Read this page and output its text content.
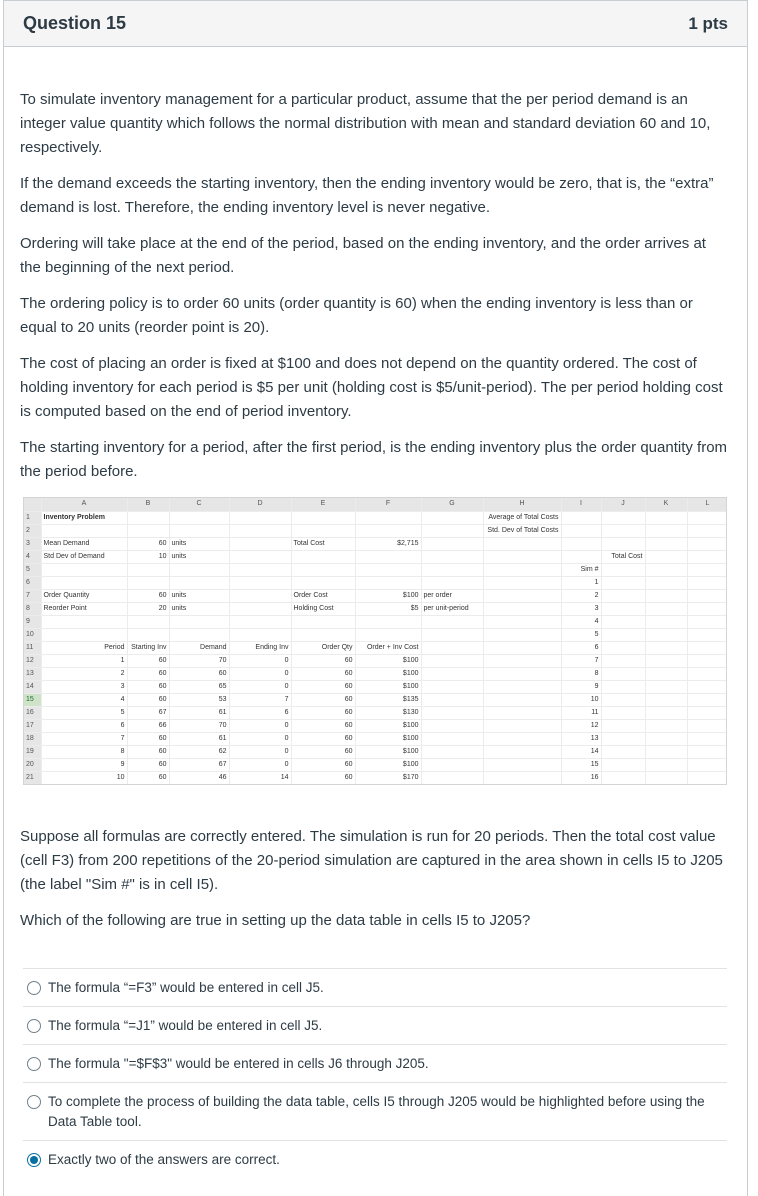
Question 15	1 pts

To simulate inventory management for a particular product, assume that the per period demand is an integer value quantity which follows the normal distribution with mean and standard deviation 60 and 10, respectively.

If the demand exceeds the starting inventory, then the ending inventory would be zero, that is, the “extra” demand is lost. Therefore, the ending inventory level is never negative.

Ordering will take place at the end of the period, based on the ending inventory, and the order arrives at the beginning of the next period.

The ordering policy is to order 60 units (order quantity is 60) when the ending inventory is less than or equal to 20 units (reorder point is 20).

The cost of placing an order is fixed at $100 and does not depend on the quantity ordered. The cost of holding inventory for each period is $5 per unit (holding cost is $5/unit-period). The per period holding cost is computed based on the end of period inventory.

The starting inventory for a period, after the first period, is the ending inventory plus the order quantity from the period before.

	A	B	C	D	E	F	G	H	I	J	K	L
1	Inventory Problem							Average of Total Costs				
2								Std. Dev of Total Costs				
3	Mean Demand	60	units		Total Cost	$2,715						
4	Std Dev of Demand	10	units							Total Cost		
5									Sim #			
6									1			
7	Order Quantity	60	units		Order Cost	$100	per order		2			
8	Reorder Point	20	units		Holding Cost	$5	per unit-period		3			
9									4			
10									5			
11	Period	Starting Inv	Demand	Ending Inv	Order Qty	Order + Inv Cost			6			
12	1	60	70	0	60	$100			7			
13	2	60	60	0	60	$100			8			
14	3	60	65	0	60	$100			9			
15	4	60	53	7	60	$135			10			
16	5	67	61	6	60	$130			11			
17	6	66	70	0	60	$100			12			
18	7	60	61	0	60	$100			13			
19	8	60	62	0	60	$100			14			
20	9	60	67	0	60	$100			15			
21	10	60	46	14	60	$170			16			

Suppose all formulas are correctly entered. The simulation is run for 20 periods. Then the total cost value (cell F3) from 200 repetitions of the 20-period simulation are captured in the area shown in cells I5 to J205 (the label "Sim #" is in cell I5).

Which of the following are true in setting up the data table in cells I5 to J205?

The formula “=F3” would be entered in cell J5.
The formula “=J1” would be entered in cell J5.
The formula "=$F$3" would be entered in cells J6 through J205.
To complete the process of building the data table, cells I5 through J205 would be highlighted before using the Data Table tool.
Exactly two of the answers are correct.
